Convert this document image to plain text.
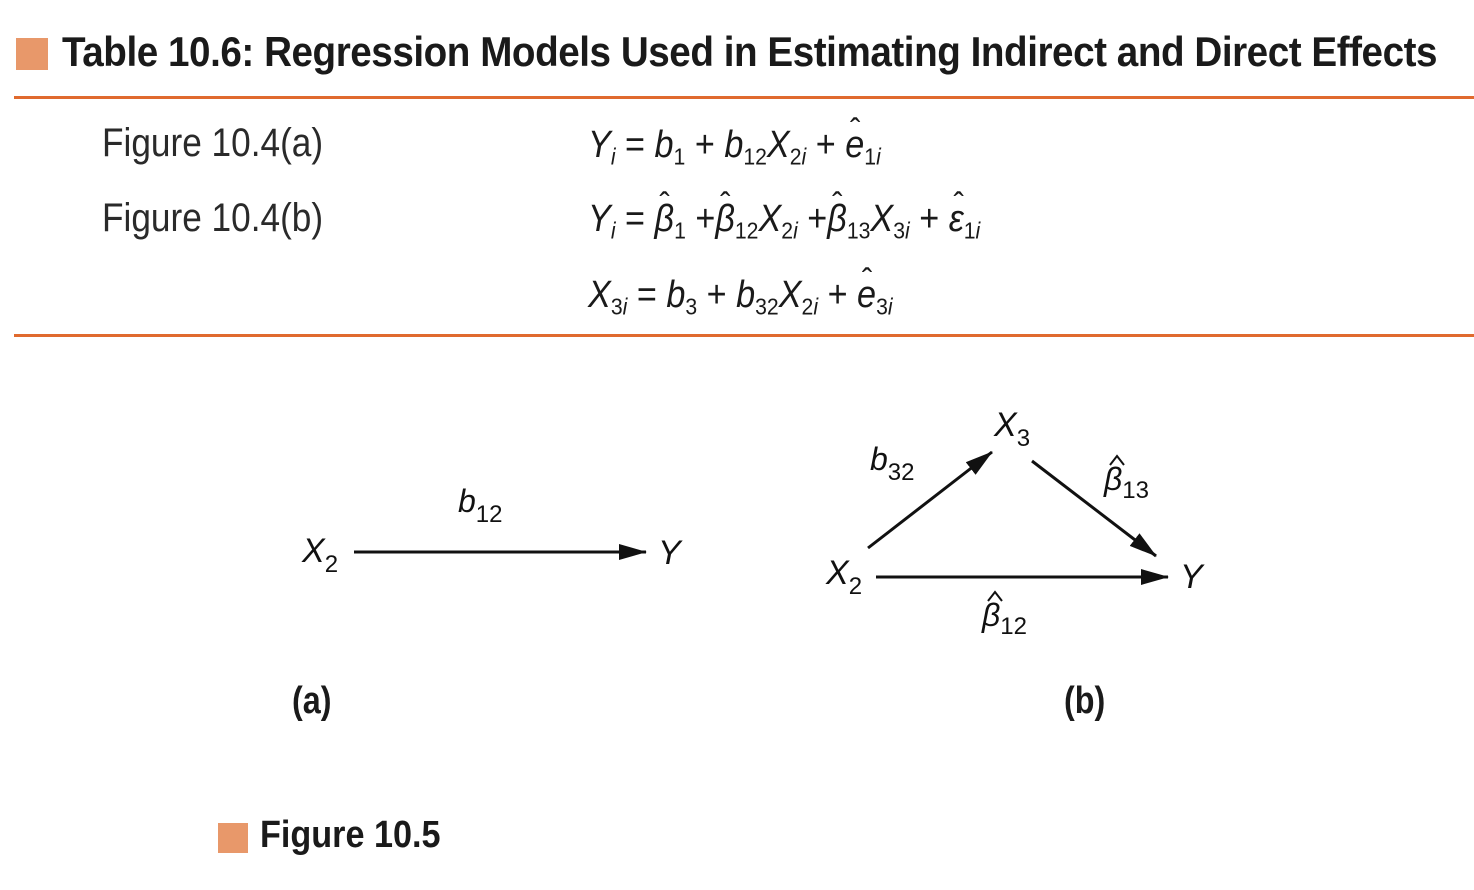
Table 10.6: Regression Models Used in Estimating Indirect and Direct Effects
Figure 10.4(a)	$Y_i = b_1 + b_{12}X_{2i}$ + ˆ $e_{1i}$
Figure 10.4(b)	$Y_i$ = ˆ $\beta_1$ +ˆ $\beta_{12}X_{2i}$ +ˆ $\beta_{13}X_{3i}$ + ˆ $\varepsilon_{1i}$
$X_{3i} = b_3 + b_{32}X_{2i}$ + ˆ $e_{3i}$
$X_2$	Y
$b_{12}$
$X_3$
$X_2$	Y
$b_{32}$	$\beta_{13}$
$\beta_{12}$
(a)	(b)
Figure 10.5
